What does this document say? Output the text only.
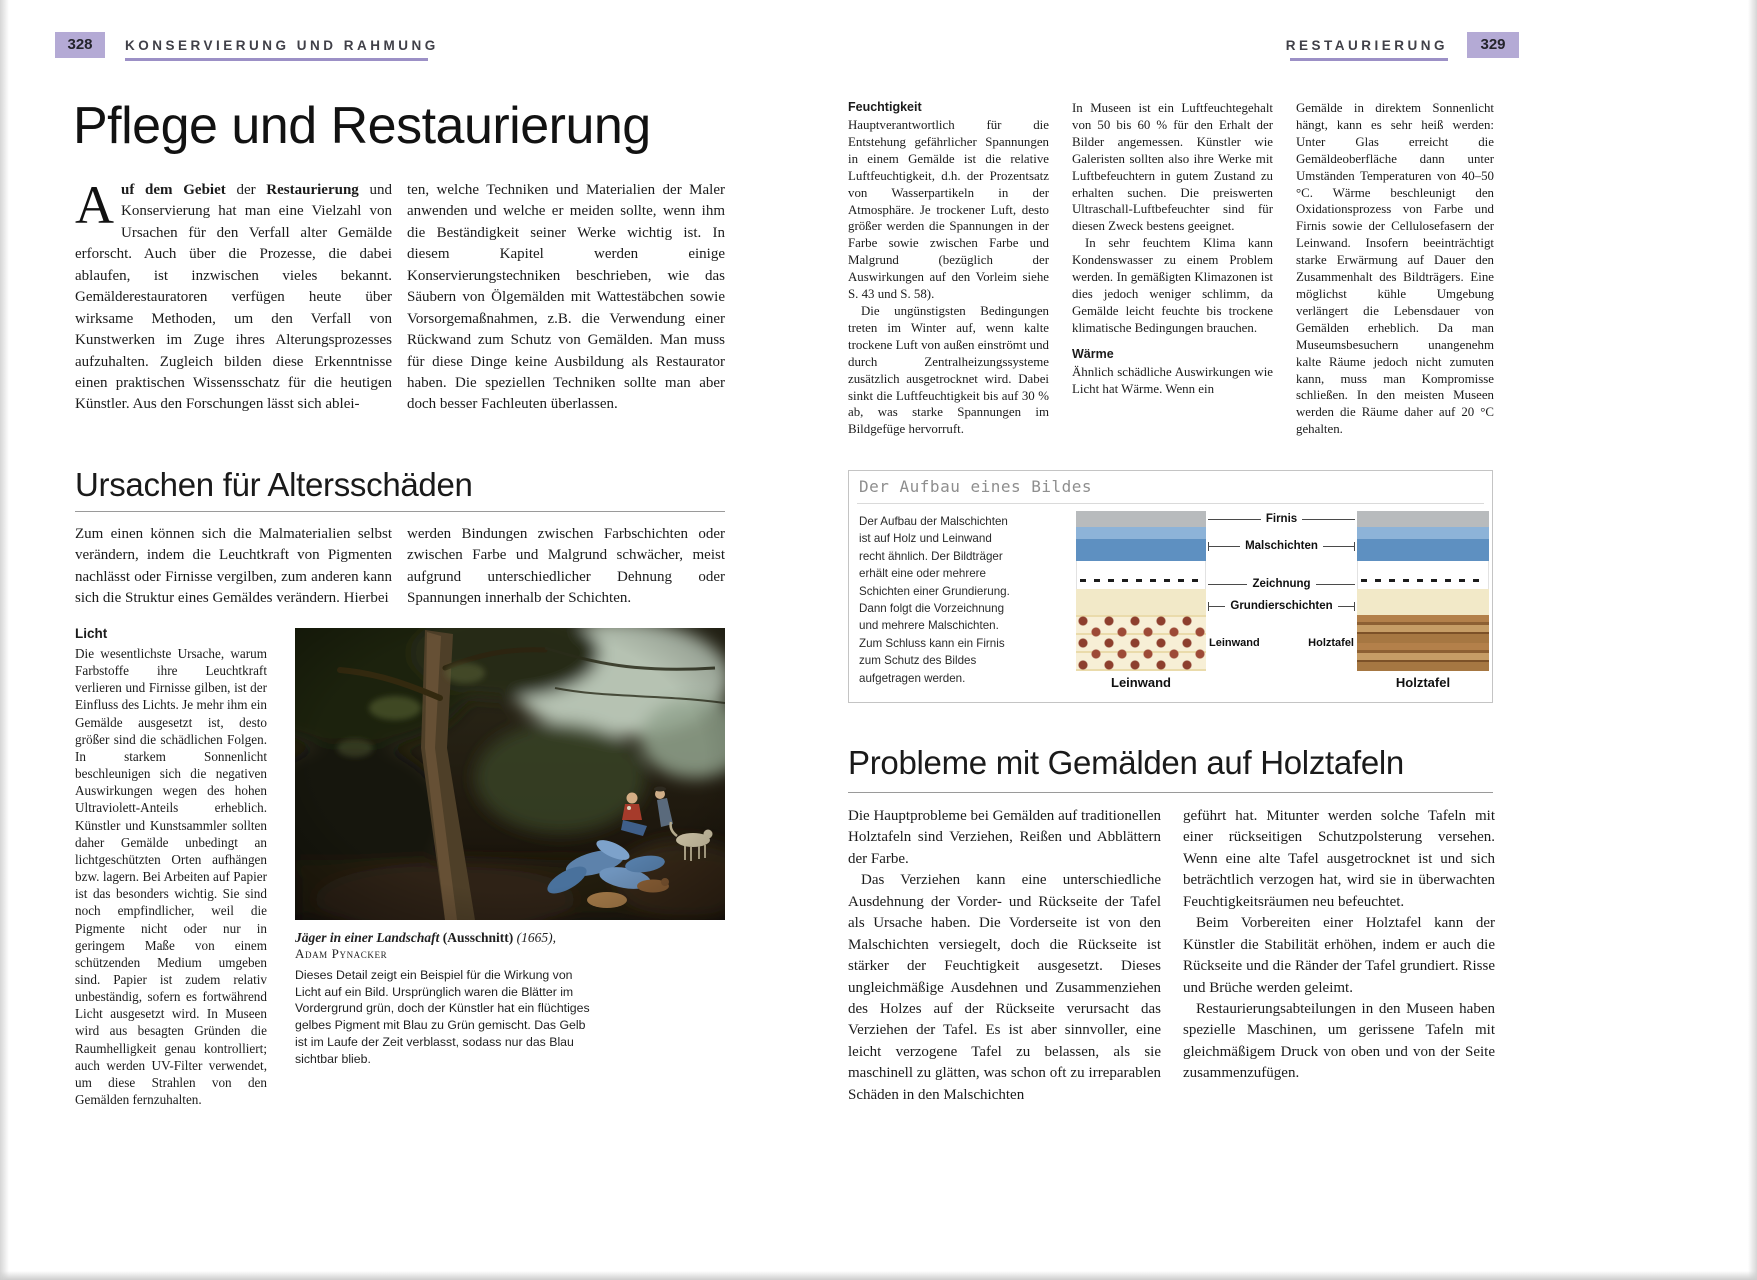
328	KONSERVIERUNG UND RAHMUNG
Pflege und Restaurierung
Auf dem Gebiet der Restaurierung und Konservierung hat man eine Vielzahl von Ursachen für den Verfall alter Gemälde erforscht. Auch über die Prozesse, die dabei ablaufen, ist inzwischen vieles bekannt. Gemälderestauratoren verfügen heute über wirksame Methoden, um den Verfall von Kunstwerken im Zuge ihres Alterungsprozesses aufzuhalten. Zugleich bilden diese Erkenntnisse einen praktischen Wissensschatz für die heutigen Künstler. Aus den Forschungen lässt sich ablei-
ten, welche Techniken und Materialien der Maler anwenden und welche er meiden sollte, wenn ihm die Beständigkeit seiner Werke wichtig ist. In diesem Kapitel werden einige Konservierungstechniken beschrieben, wie das Säubern von Ölgemälden mit Wattestäbchen sowie Vorsorgemaßnahmen, z.B. die Verwendung einer Rückwand zum Schutz von Gemälden. Man muss für diese Dinge keine Ausbildung als Restaurator haben. Die speziellen Techniken sollte man aber doch besser Fachleuten überlassen.
Ursachen für Altersschäden
Zum einen können sich die Malmaterialien selbst verändern, indem die Leuchtkraft von Pigmenten nachlässt oder Firnisse vergilben, zum anderen kann sich die Struktur eines Gemäldes verändern. Hierbei
werden Bindungen zwischen Farbschichten oder zwischen Farbe und Malgrund schwächer, meist aufgrund unterschiedlicher Dehnung oder Spannungen innerhalb der Schichten.

Licht

Die wesentlichste Ursache, warum Farbstoffe ihre Leuchtkraft verlieren und Firnisse gilben, ist der Einfluss des Lichts. Je mehr ihm ein Gemälde ausgesetzt ist, desto größer sind die schädlichen Folgen. In starkem Sonnenlicht beschleunigen sich die negativen Auswirkungen wegen des hohen Ultraviolett-Anteils erheblich. Künstler und Kunstsammler sollten daher Gemälde unbedingt an lichtgeschützten Orten aufhängen bzw. lagern. Bei Arbeiten auf Papier ist das besonders wichtig. Sie sind noch empfindlicher, weil die Pigmente nicht oder nur in geringem Maße von einem schützenden Medium umgeben sind. Papier ist zudem relativ unbeständig, sofern es fortwährend Licht ausgesetzt wird. In Museen wird aus besagten Gründen die Raumhelligkeit genau kontrolliert; auch werden UV-Filter verwendet, um diese Strahlen von den Gemälden fernzuhalten.

Jäger in einer Landschaft (Ausschnitt) (1665),
Adam Pynacker
Dieses Detail zeigt ein Beispiel für die Wirkung von Licht auf ein Bild. Ursprünglich waren die Blätter im Vordergrund grün, doch der Künstler hat ein flüchtiges gelbes Pigment mit Blau zu Grün gemischt. Das Gelb ist im Laufe der Zeit verblasst, sodass nur das Blau sichtbar blieb.
RESTAURIERUNG	329

Feuchtigkeit

Hauptverantwortlich für die Entstehung gefährlicher Spannungen in einem Gemälde ist die relative Luftfeuchtigkeit, d.h. der Prozentsatz von Wasserpartikeln in der Atmosphäre. Je trockener Luft, desto größer werden die Spannungen in der Farbe sowie zwischen Farbe und Malgrund (bezüglich der Auswirkungen auf den Vorleim siehe S. 43 und S. 58).

Die ungünstigsten Bedingungen treten im Winter auf, wenn kalte trockene Luft von außen einströmt und durch Zentralheizungssysteme zusätzlich ausgetrocknet wird. Dabei sinkt die Luftfeuchtigkeit bis auf 30 % ab, was starke Spannungen im Bildgefüge hervorruft.

In Museen ist ein Luftfeuchtegehalt von 50 bis 60 % für den Erhalt der Bilder angemessen. Künstler wie Galeristen sollten also ihre Werke mit Luftbefeuchtern in gutem Zustand zu erhalten suchen. Die preiswerten Ultraschall-Luftbefeuchter sind für diesen Zweck bestens geeignet.

In sehr feuchtem Klima kann Kondenswasser zu einem Problem werden. In gemäßigten Klimazonen ist dies jedoch weniger schlimm, da Gemälde leicht feuchte bis trockene klimatische Bedingungen brauchen.

Wärme

Ähnlich schädliche Auswirkungen wie Licht hat Wärme. Wenn ein

Gemälde in direktem Sonnenlicht hängt, kann es sehr heiß werden: Unter Glas erreicht die Gemäldeoberfläche dann unter Umständen Temperaturen von 40–50 °C. Wärme beschleunigt den Oxidationsprozess von Farbe und Firnis sowie der Cellulosefasern der Leinwand. Insofern beeinträchtigt starke Erwärmung auf Dauer den Zusammenhalt des Bildträgers. Eine möglichst kühle Umgebung verlängert die Lebensdauer von Gemälden erheblich. Da man Museumsbesuchern unangenehm kalte Räume jedoch nicht zumuten kann, muss man Kompromisse schließen. In den meisten Museen werden die Räume daher auf 20 °C gehalten.

Der Aufbau eines Bildes
Der Aufbau der Malschichten ist auf Holz und Leinwand recht ähnlich. Der Bildträger erhält eine oder mehrere Schichten einer Grundierung. Dann folgt die Vorzeichnung und mehrere Malschichten. Zum Schluss kann ein Firnis zum Schutz des Bildes aufgetragen werden.
Firnis
Malschichten
Zeichnung
Grundierschichten
Leinwand	Holztafel
Leinwand	Holztafel
Probleme mit Gemälden auf Holztafeln

Die Hauptprobleme bei Gemälden auf traditionellen Holztafeln sind Verziehen, Reißen und Abblättern der Farbe.

Das Verziehen kann eine unterschiedliche Ausdehnung der Vorder- und Rückseite der Tafel als Ursache haben. Die Vorderseite ist von den Malschichten versiegelt, doch die Rückseite ist stärker der Feuchtigkeit ausgesetzt. Dieses ungleichmäßige Ausdehnen und Zusammenziehen des Holzes auf der Rückseite verursacht das Verziehen der Tafel. Es ist aber sinnvoller, eine leicht verzogene Tafel zu belassen, als sie maschinell zu glätten, was schon oft zu irreparablen Schäden in den Malschichten

geführt hat. Mitunter werden solche Tafeln mit einer rückseitigen Schutzpolsterung versehen. Wenn eine alte Tafel ausgetrocknet ist und sich beträchtlich verzogen hat, wird sie in überwachten Feuchtigkeitsräumen neu befeuchtet.

Beim Vorbereiten einer Holztafel kann der Künstler die Stabilität erhöhen, indem er auch die Rückseite und die Ränder der Tafel grundiert. Risse und Brüche werden geleimt.

Restaurierungsabteilungen in den Museen haben spezielle Maschinen, um gerissene Tafeln mit gleichmäßigem Druck von oben und von der Seite zusammenzufügen.
